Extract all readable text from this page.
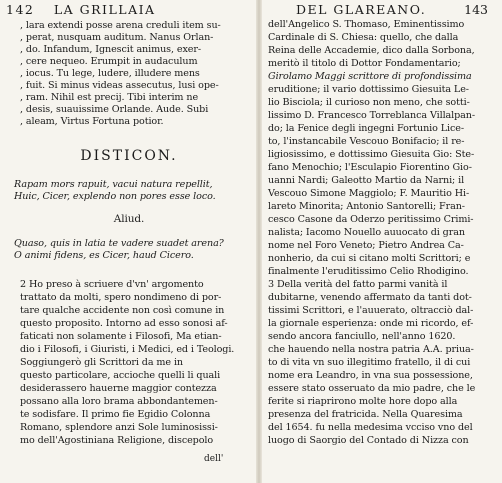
142 LA GRILLAIA
, lara extendi posse arena creduli item su-
, perat, nusquam auditum. Nanus Orlan-
, do. Infandum, Ignescit animus, exer-
, cere nequeo. Erumpit in audaculum
, iocus. Tu lege, ludere, illudere mens
, fuit. Si minus videas assecutus, lusi ope-
, ram. Nihil est precij. Tibi interim ne
, desis, suauissime Orlande. Aude. Subi
, aleam, Virtus Fortuna potior.
DISTICON.
Rapam mors rapuit, vacui natura repellit,
Huic, Cicer, explendo non pores esse loco.
Aliud.
Quaso, quis in latia te vadere suadet arena?
O animi fidens, es Cicer, haud Cicero.
2 Ho preso à scriuere d'vn' argomento
trattato da molti, spero nondimeno di por-
tare qualche accidente non così comune in
questo proposito. Intorno ad esso sonosi af-
faticati non solamente i Filosofi, Ma etian-
dio i Filosofi, i Giuristi, i Medici, ed i Teologi.
Soggiungerò gli Scrittori da me in
questo particolare, accioche quelli li quali
desiderassero hauerne maggior contezza
possano alla loro brama abbondantemen-
te sodisfare. Il primo fie Egidio Colonna
Romano, splendore anzi Sole luminosissi-
mo dell'Agostiniana Religione, discepolo
dell'
DEL GLAREANO.	143
dell'Angelico S. Thomaso, Eminentissimo
Cardinale di S. Chiesa: quello, che dalla
Reina delle Accademie, dico dalla Sorbona,
meritò il titolo di Dottor Fondamentario;
Girolamo Maggi scrittore di profondissima
eruditione; il vario dottissimo Giesuita Le-
lio Bisciola; il curioso non meno, che sotti-
lissimo D. Francesco Torreblanca Villalpan-
do; la Fenice degli ingegni Fortunio Lice-
to, l'instancabile Vescouo Bonifacio; il re-
ligiosissimo, e dottissimo Giesuita Gio: Ste-
fano Menochio; l'Esculapio Fiorentino Gio-
uanni Nardi; Galeotto Martio da Narni; il
Vescouo Simone Maggiolo; F. Mauritio Hi-
lareto Minorita; Antonio Santorelli; Fran-
cesco Casone da Oderzo peritissimo Crimi-
nalista; Iacomo Nouello auuocato di gran
nome nel Foro Veneto; Pietro Andrea Ca-
nonherio, da cui si citano molti Scrittori; e
finalmente l'eruditissimo Celio Rhodigino.
3 Della verità del fatto parmi vanità il
dubitarne, venendo affermato da tanti dot-
tissimi Scrittori, e l'auuerato, oltracciò dal-
la giornale esperienza: onde mi ricordo, ef-
sendo ancora fanciullo, nell'anno 1620.
che hauendo nella nostra patria A.A. priua-
to di vita vn suo illegitimo fratello, il di cui
nome era Leandro, in vna sua possessione,
essere stato osseruato da mio padre, che le
ferite si riaprirono molte hore dopo alla
presenza del fratricida. Nella Quaresima
del 1654. fu nella medesima vcciso vno del
luogo di Saorgio del Contado di Nizza con
